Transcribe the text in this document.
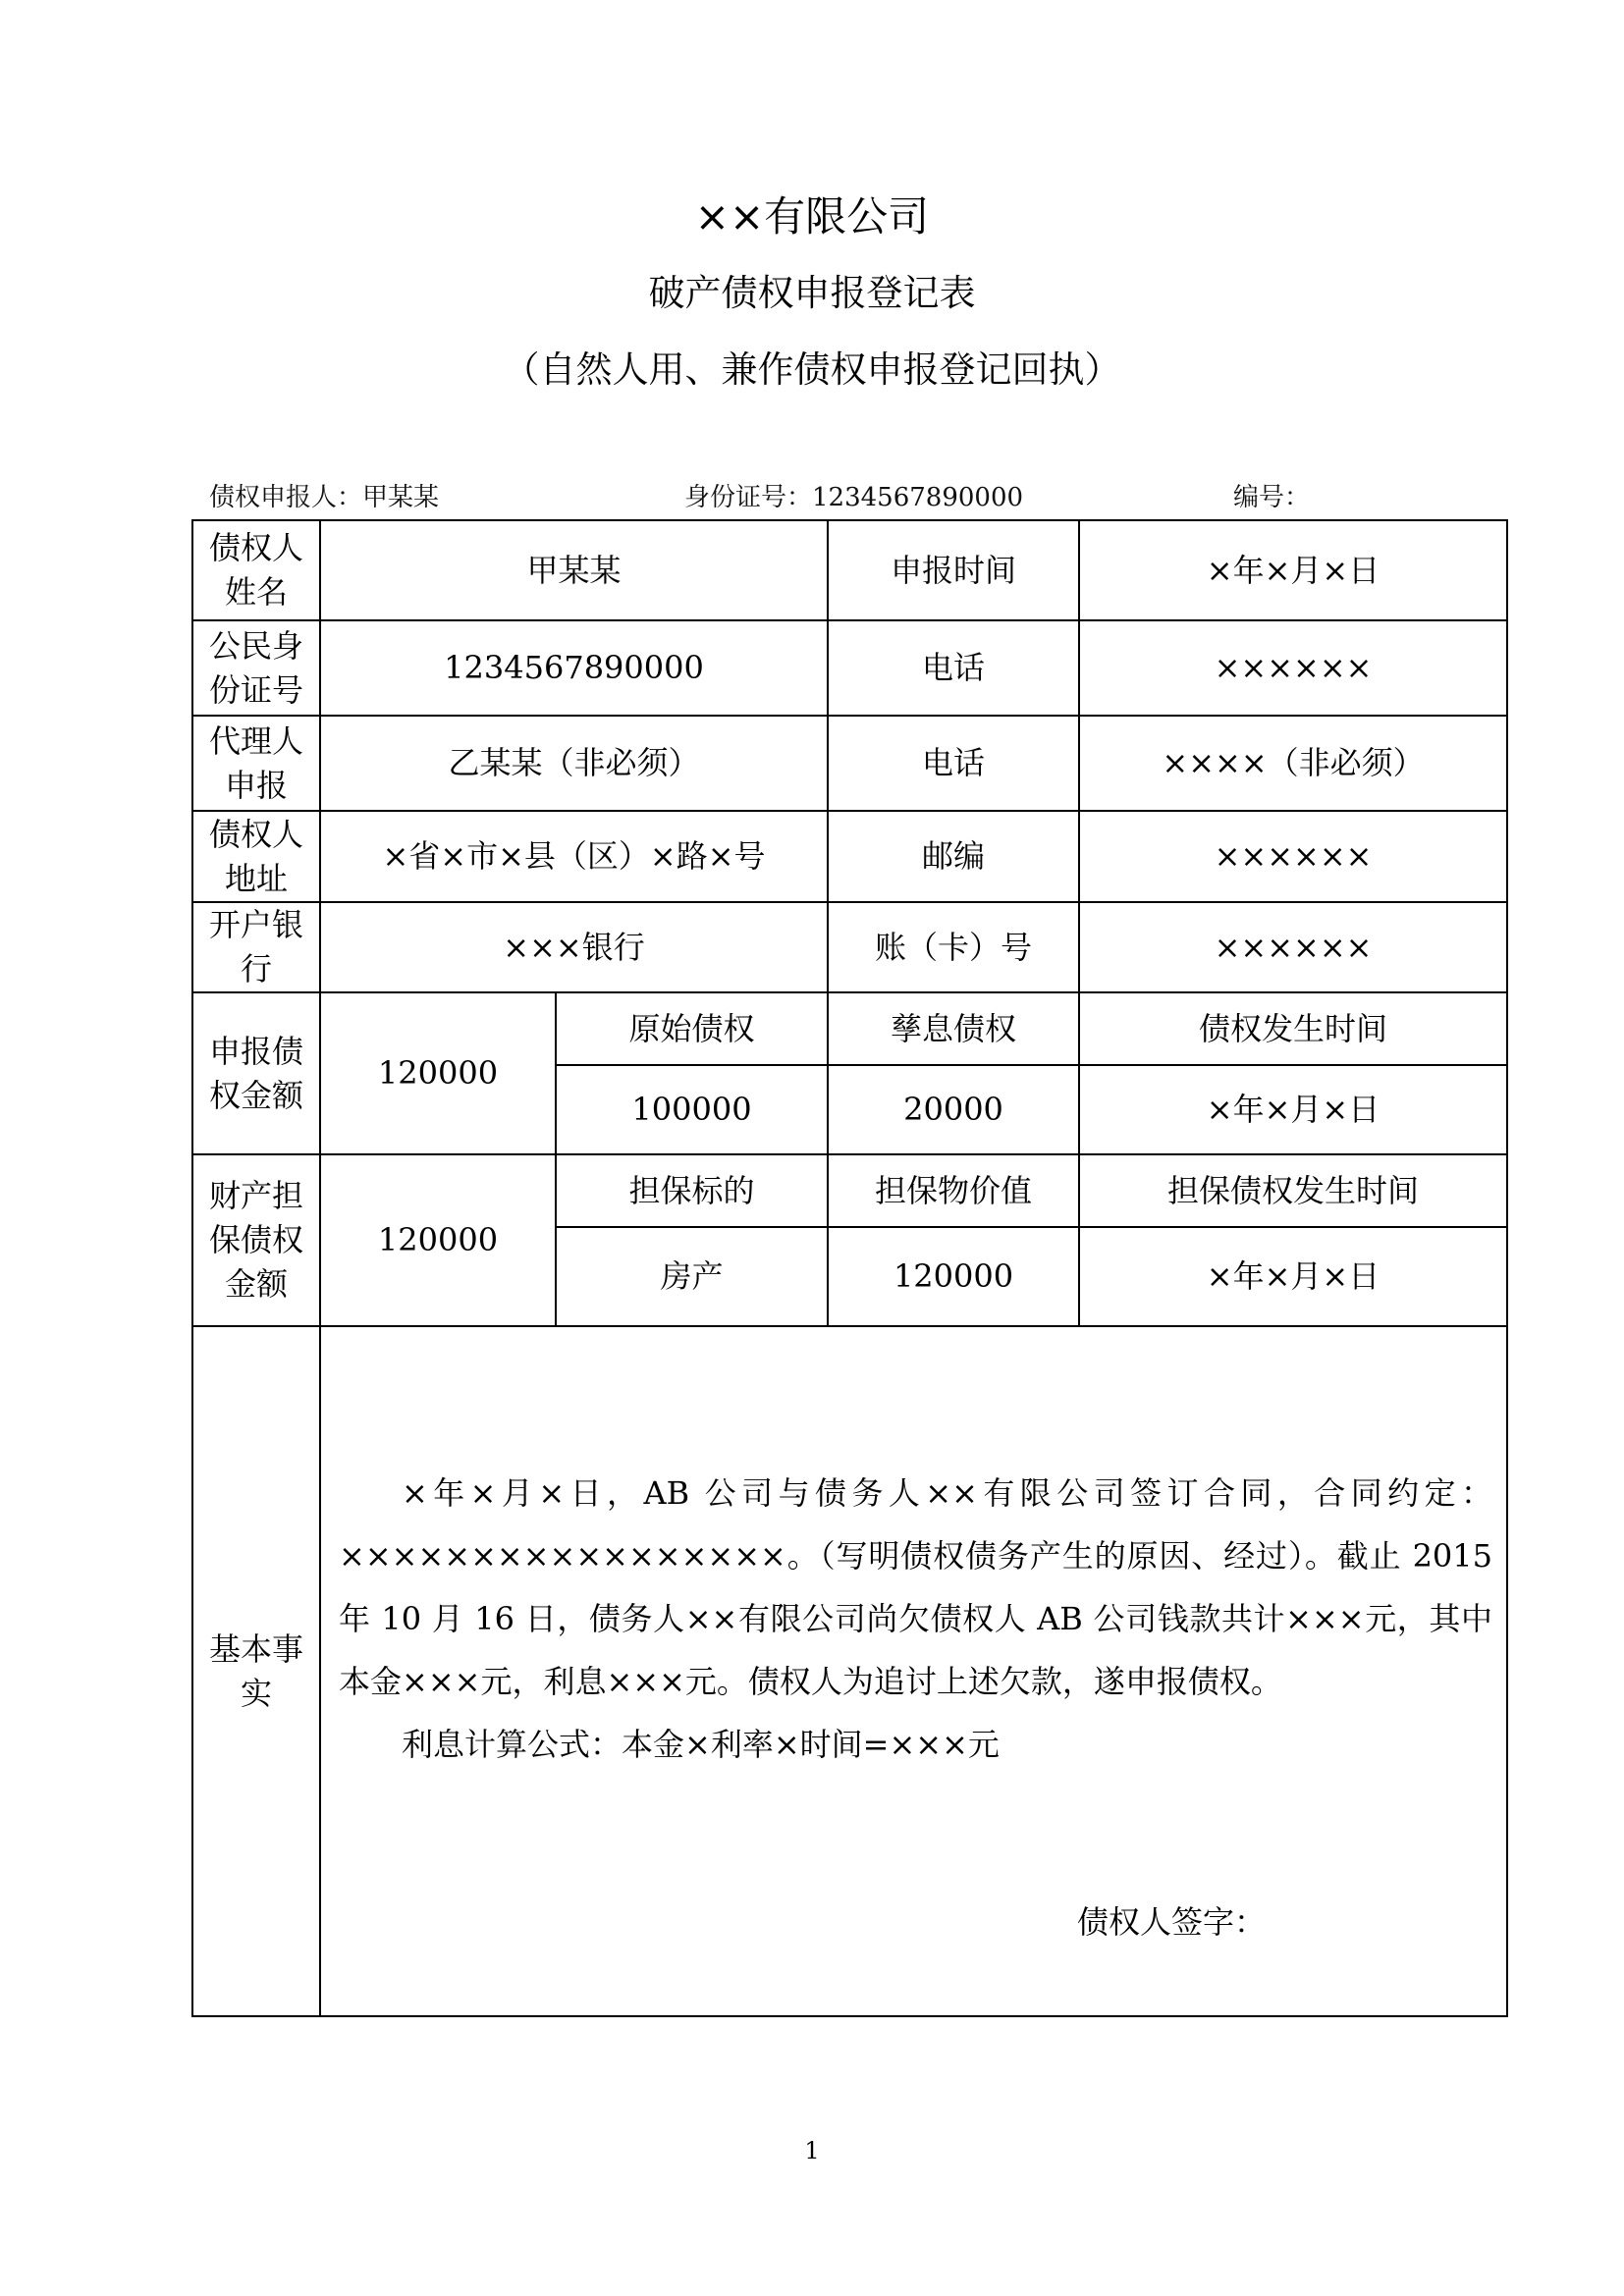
××有限公司
破产债权申报登记表
（自然人用、兼作债权申报登记回执）
债权申报人：甲某某	身份证号：1234567890000	编号：
债权人姓名	甲某某		申报时间	×年×月×日
公民身份证号	1234567890000		电话	××××××
代理人申报	乙某某（非必须）		电话	××××（非必须）
债权人地址	×省×市×县（区）×路×号		邮编	××××××
开户银行	×××银行		账（卡）号	××××××
申报债权金额	120000	原始债权	孳息债权	债权发生时间
		100000	20000	×年×月×日
财产担保债权金额	120000	担保标的	担保物价值	担保债权发生时间
		房产	120000	×年×月×日
基本事实	×年×月×日，AB 公司与债务人××有限公司签订合同，合同约定：×××××××××××××××××。（写明债权债务产生的原因、经过）。截止 2015 年 10 月 16 日，债务人××有限公司尚欠债权人 AB 公司钱款共计×××元，其中本金×××元，利息×××元。债权人为追讨上述欠款，遂申报债权。

利息计算公式：本金×利率×时间=×××元

债权人签字：			
1
